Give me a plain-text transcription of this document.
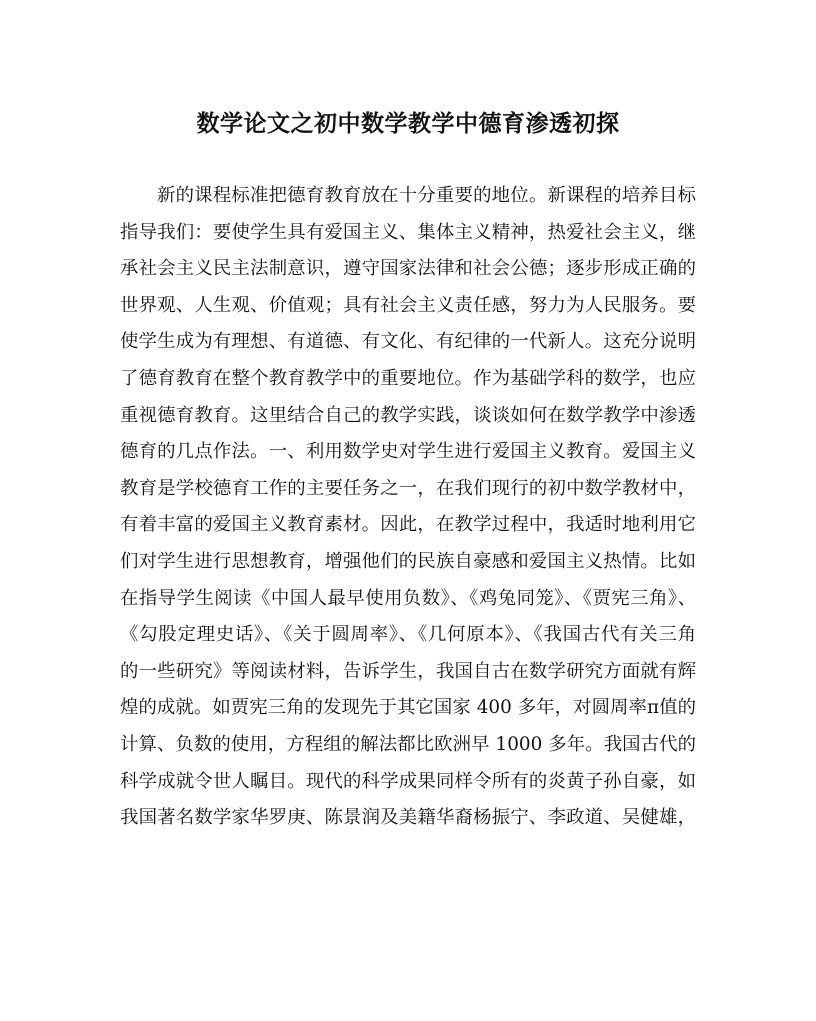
数学论文之初中数学教学中德育渗透初探
新的课程标准把德育教育放在十分重要的地位。新课程的培养目标
指导我们：要使学生具有爱国主义、集体主义精神，热爱社会主义，继
承社会主义民主法制意识，遵守国家法律和社会公德；逐步形成正确的
世界观、人生观、价值观；具有社会主义责任感，努力为人民服务。要
使学生成为有理想、有道德、有文化、有纪律的一代新人。这充分说明
了德育教育在整个教育教学中的重要地位。作为基础学科的数学，也应
重视德育教育。这里结合自己的教学实践，谈谈如何在数学教学中渗透
德育的几点作法。一、利用数学史对学生进行爱国主义教育。爱国主义
教育是学校德育工作的主要任务之一，在我们现行的初中数学教材中，
有着丰富的爱国主义教育素材。因此，在教学过程中，我适时地利用它
们对学生进行思想教育，增强他们的民族自豪感和爱国主义热情。比如
在指导学生阅读《中国人最早使用负数》、《鸡兔同笼》、《贾宪三角》、
《勾股定理史话》、《关于圆周率》、《几何原本》、《我国古代有关三角
的一些研究》等阅读材料，告诉学生，我国自古在数学研究方面就有辉
煌的成就。如贾宪三角的发现先于其它国家 400 多年，对圆周率π值的
计算、负数的使用，方程组的解法都比欧洲早 1000 多年。我国古代的
科学成就令世人瞩目。现代的科学成果同样令所有的炎黄子孙自豪，如
我国著名数学家华罗庚、陈景润及美籍华裔杨振宁、李政道、吴健雄，
